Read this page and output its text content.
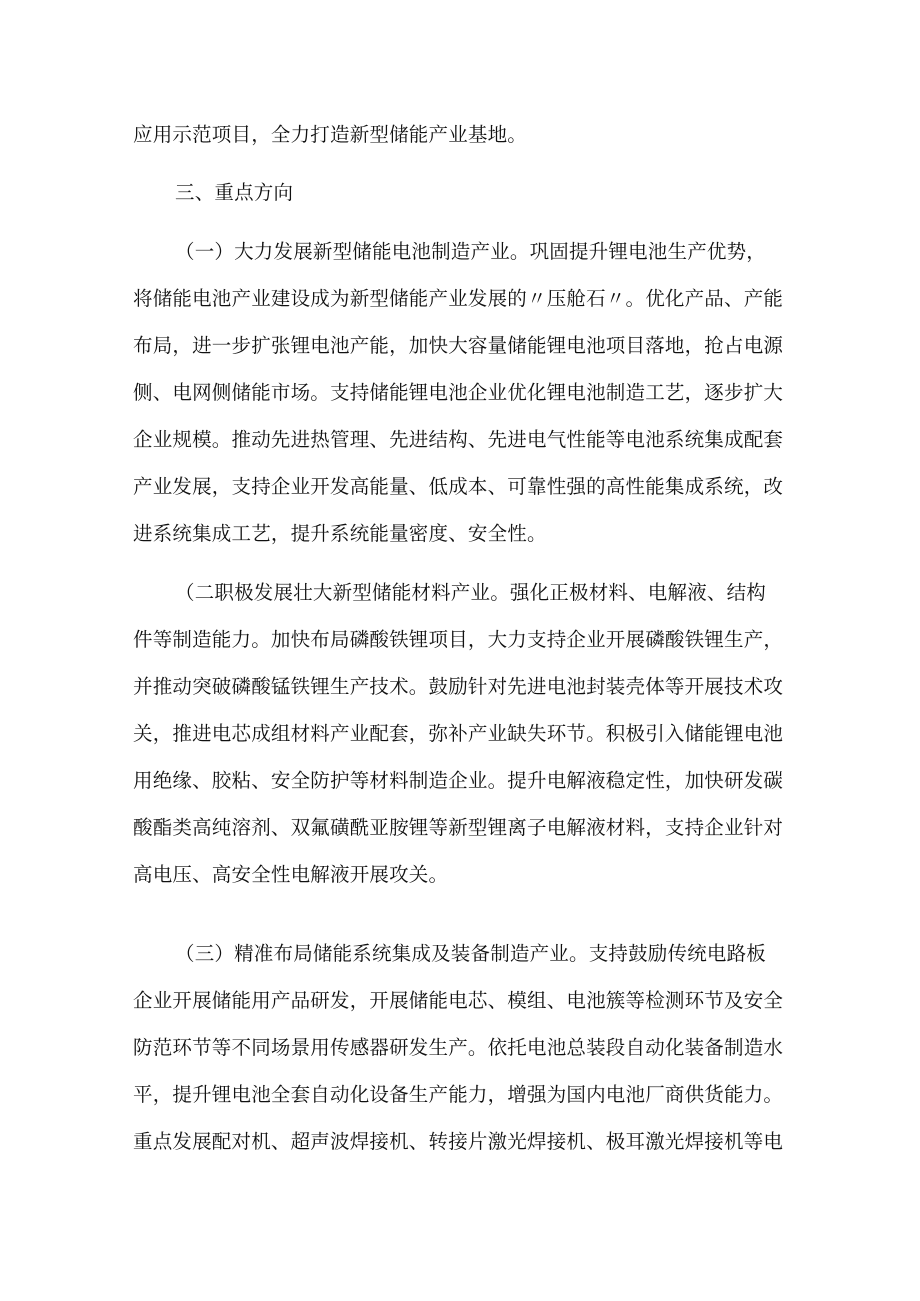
应用示范项目，全力打造新型储能产业基地。
三、重点方向
（一）大力发展新型储能电池制造产业。巩固提升锂电池生产优势，
将储能电池产业建设成为新型储能产业发展的〃压舱石〃。优化产品、产能
布局，进一步扩张锂电池产能，加快大容量储能锂电池项目落地，抢占电源
侧、电网侧储能市场。支持储能锂电池企业优化锂电池制造工艺，逐步扩大
企业规模。推动先进热管理、先进结构、先进电气性能等电池系统集成配套
产业发展，支持企业开发高能量、低成本、可靠性强的高性能集成系统，改
进系统集成工艺，提升系统能量密度、安全性。
（二职极发展壮大新型储能材料产业。强化正极材料、电解液、结构
件等制造能力。加快布局磷酸铁锂项目，大力支持企业开展磷酸铁锂生产，
并推动突破磷酸锰铁锂生产技术。鼓励针对先进电池封装壳体等开展技术攻
关，推进电芯成组材料产业配套，弥补产业缺失环节。积极引入储能锂电池
用绝缘、胶粘、安全防护等材料制造企业。提升电解液稳定性，加快研发碳
酸酯类高纯溶剂、双氟磺酰亚胺锂等新型锂离子电解液材料，支持企业针对
高电压、高安全性电解液开展攻关。
（三）精准布局储能系统集成及装备制造产业。支持鼓励传统电路板
企业开展储能用产品研发，开展储能电芯、模组、电池簇等检测环节及安全
防范环节等不同场景用传感器研发生产。依托电池总装段自动化装备制造水
平，提升锂电池全套自动化设备生产能力，增强为国内电池厂商供货能力。
重点发展配对机、超声波焊接机、转接片激光焊接机、极耳激光焊接机等电
